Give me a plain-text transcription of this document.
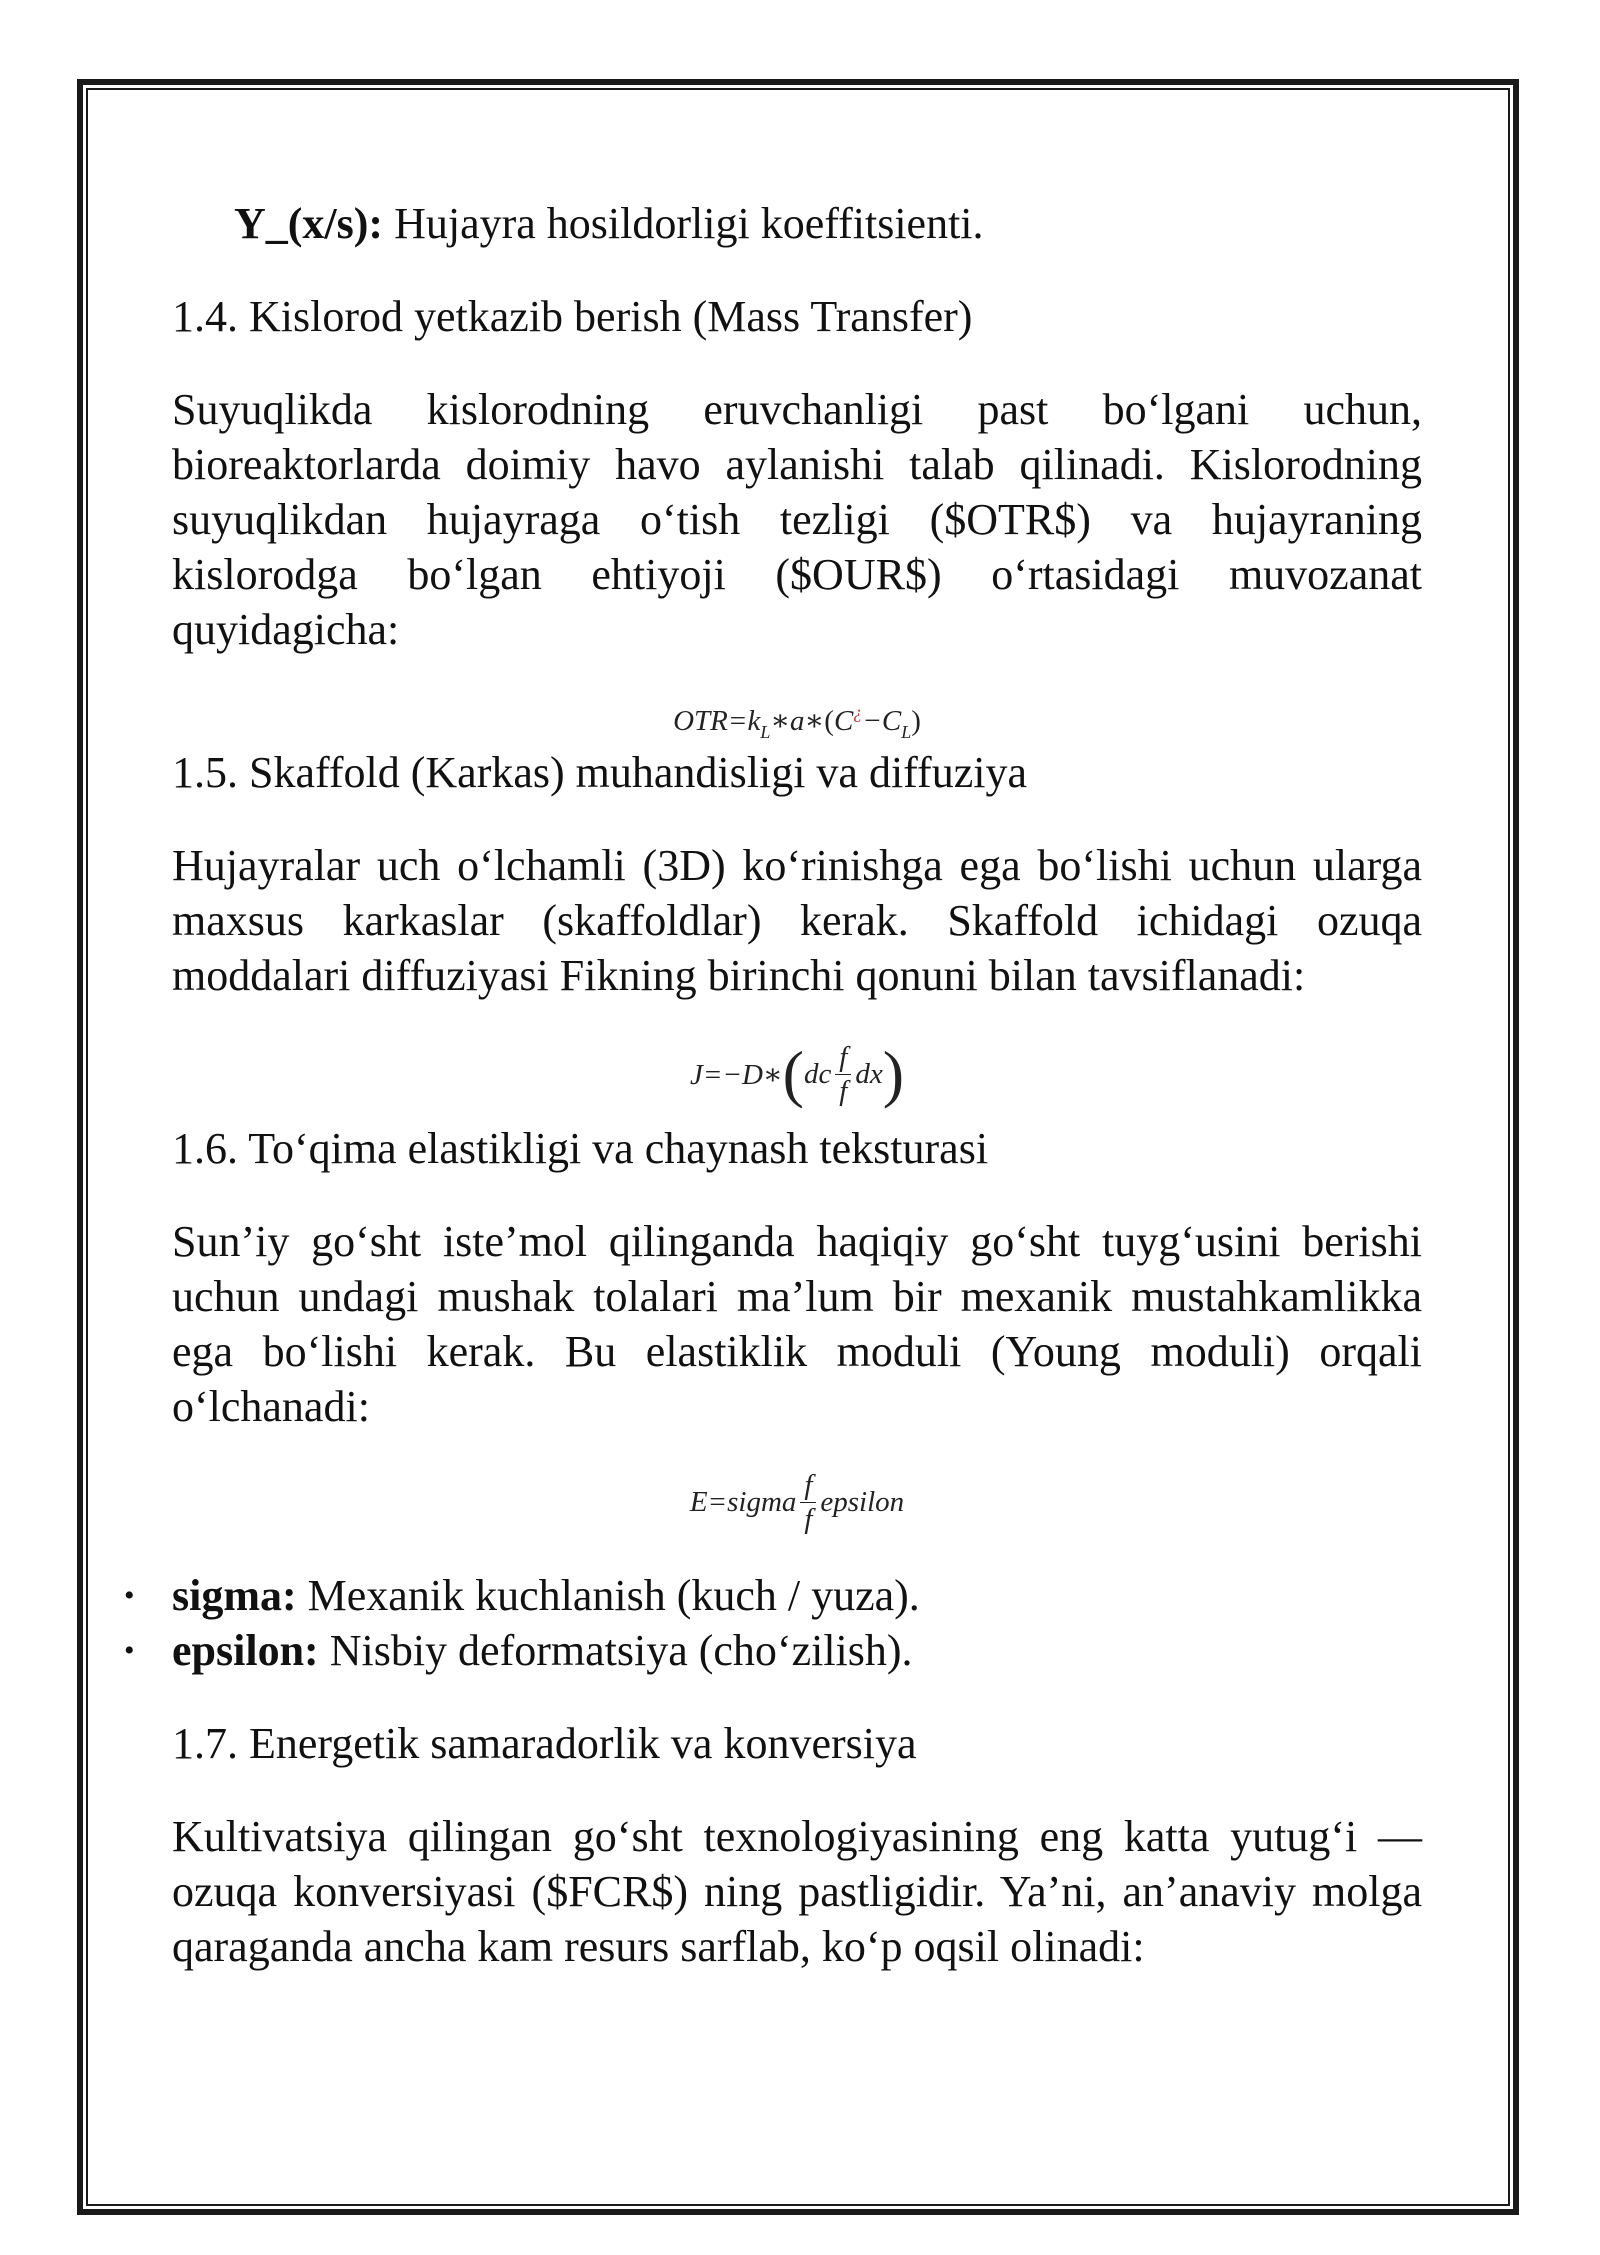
Y_(x/s): Hujayra hosildorligi koeffitsienti.

1.4. Kislorod yetkazib berish (Mass Transfer)

Suyuqlikda kislorodning eruvchanligi past bo‘lgani uchun, bioreaktorlarda doimiy havo aylanishi talab qilinadi. Kislorodning suyuqlikdan hujayraga o‘tish tezligi ($OTR$) va hujayraning kislorodga bo‘lgan ehtiyoji ($OUR$) o‘rtasidagi muvozanat quyidagicha:

$OTR=k_L∗a∗(C^¿-C_L)$

1.5. Skaffold (Karkas) muhandisligi va diffuziya

Hujayralar uch o‘lchamli (3D) ko‘rinishga ega bo‘lishi uchun ularga maxsus karkaslar (skaffoldlar) kerak. Skaffold ichidagi ozuqa moddalari diffuziyasi Fikning birinchi qonuni bilan tavsiflanadi:

J=−D∗ ( dc $\frac{f}{f}$ dx )

1.6. To‘qima elastikligi va chaynash teksturasi

Sun’iy go‘sht iste’mol qilinganda haqiqiy go‘sht tuyg‘usini berishi uchun undagi mushak tolalari ma’lum bir mexanik mustahkamlikka ega bo‘lishi kerak. Bu elastiklik moduli (Young moduli) orqali o‘lchanadi:

E=sigma $\frac{f}{f}$ epsilon
• sigma: Mexanik kuchlanish (kuch / yuza).
• epsilon: Nisbiy deformatsiya (cho‘zilish).

1.7. Energetik samaradorlik va konversiya

Kultivatsiya qilingan go‘sht texnologiyasining eng katta yutug‘i — ozuqa konversiyasi ($FCR$) ning pastligidir. Ya’ni, an’anaviy molga qaraganda ancha kam resurs sarflab, ko‘p oqsil olinadi:
